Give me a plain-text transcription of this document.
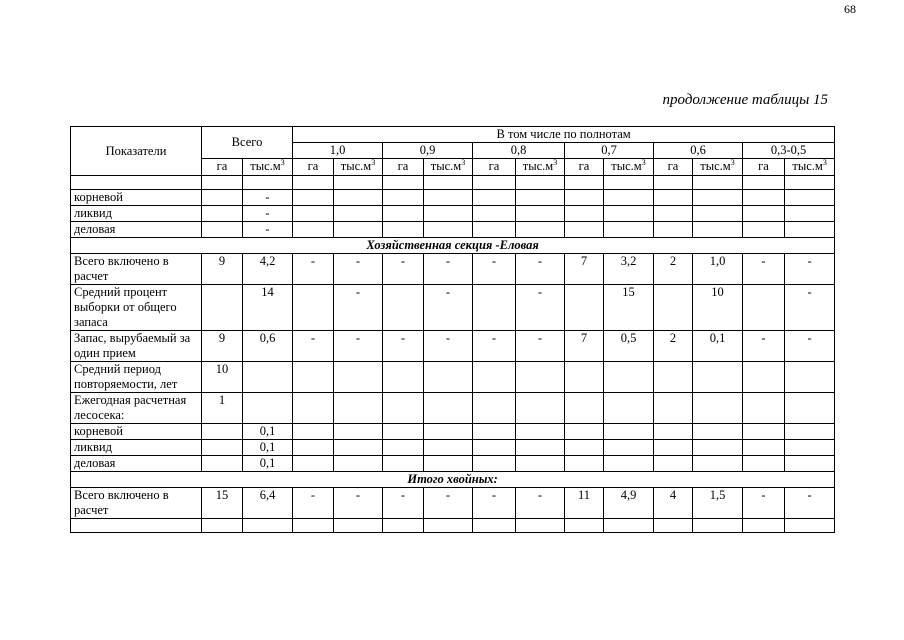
68
продолжение таблицы 15
Показатели	Всего		В том числе по полнотам											
			1,0		0,9		0,8		0,7		0,6		0,3-0,5	
	га	$тыс.м^3$	га	$тыс.м^3$	га	$тыс.м^3$	га	$тыс.м^3$	га	$тыс.м^3$	га	$тыс.м^3$	га	$тыс.м^3$

корневой		-												
ликвид		-												
деловая		-												
Хозяйственная секция -Еловая														
Всего включено в расчет	9	4,2	-	-	-	-	-	-	7	3,2	2	1,0	-	-
Средний процент выборки от общего запаса		14		-		-		-		15		10		-
Запас, вырубаемый за один прием	9	0,6	-	-	-	-	-	-	7	0,5	2	0,1	-	-
Средний период повторяемости, лет	10													
Ежегодная расчетная лесосека:	1													
корневой		0,1												
ликвид		0,1												
деловая		0,1												
Итого хвойных:														
Всего включено в расчет	15	6,4	-	-	-	-	-	-	11	4,9	4	1,5	-	-
